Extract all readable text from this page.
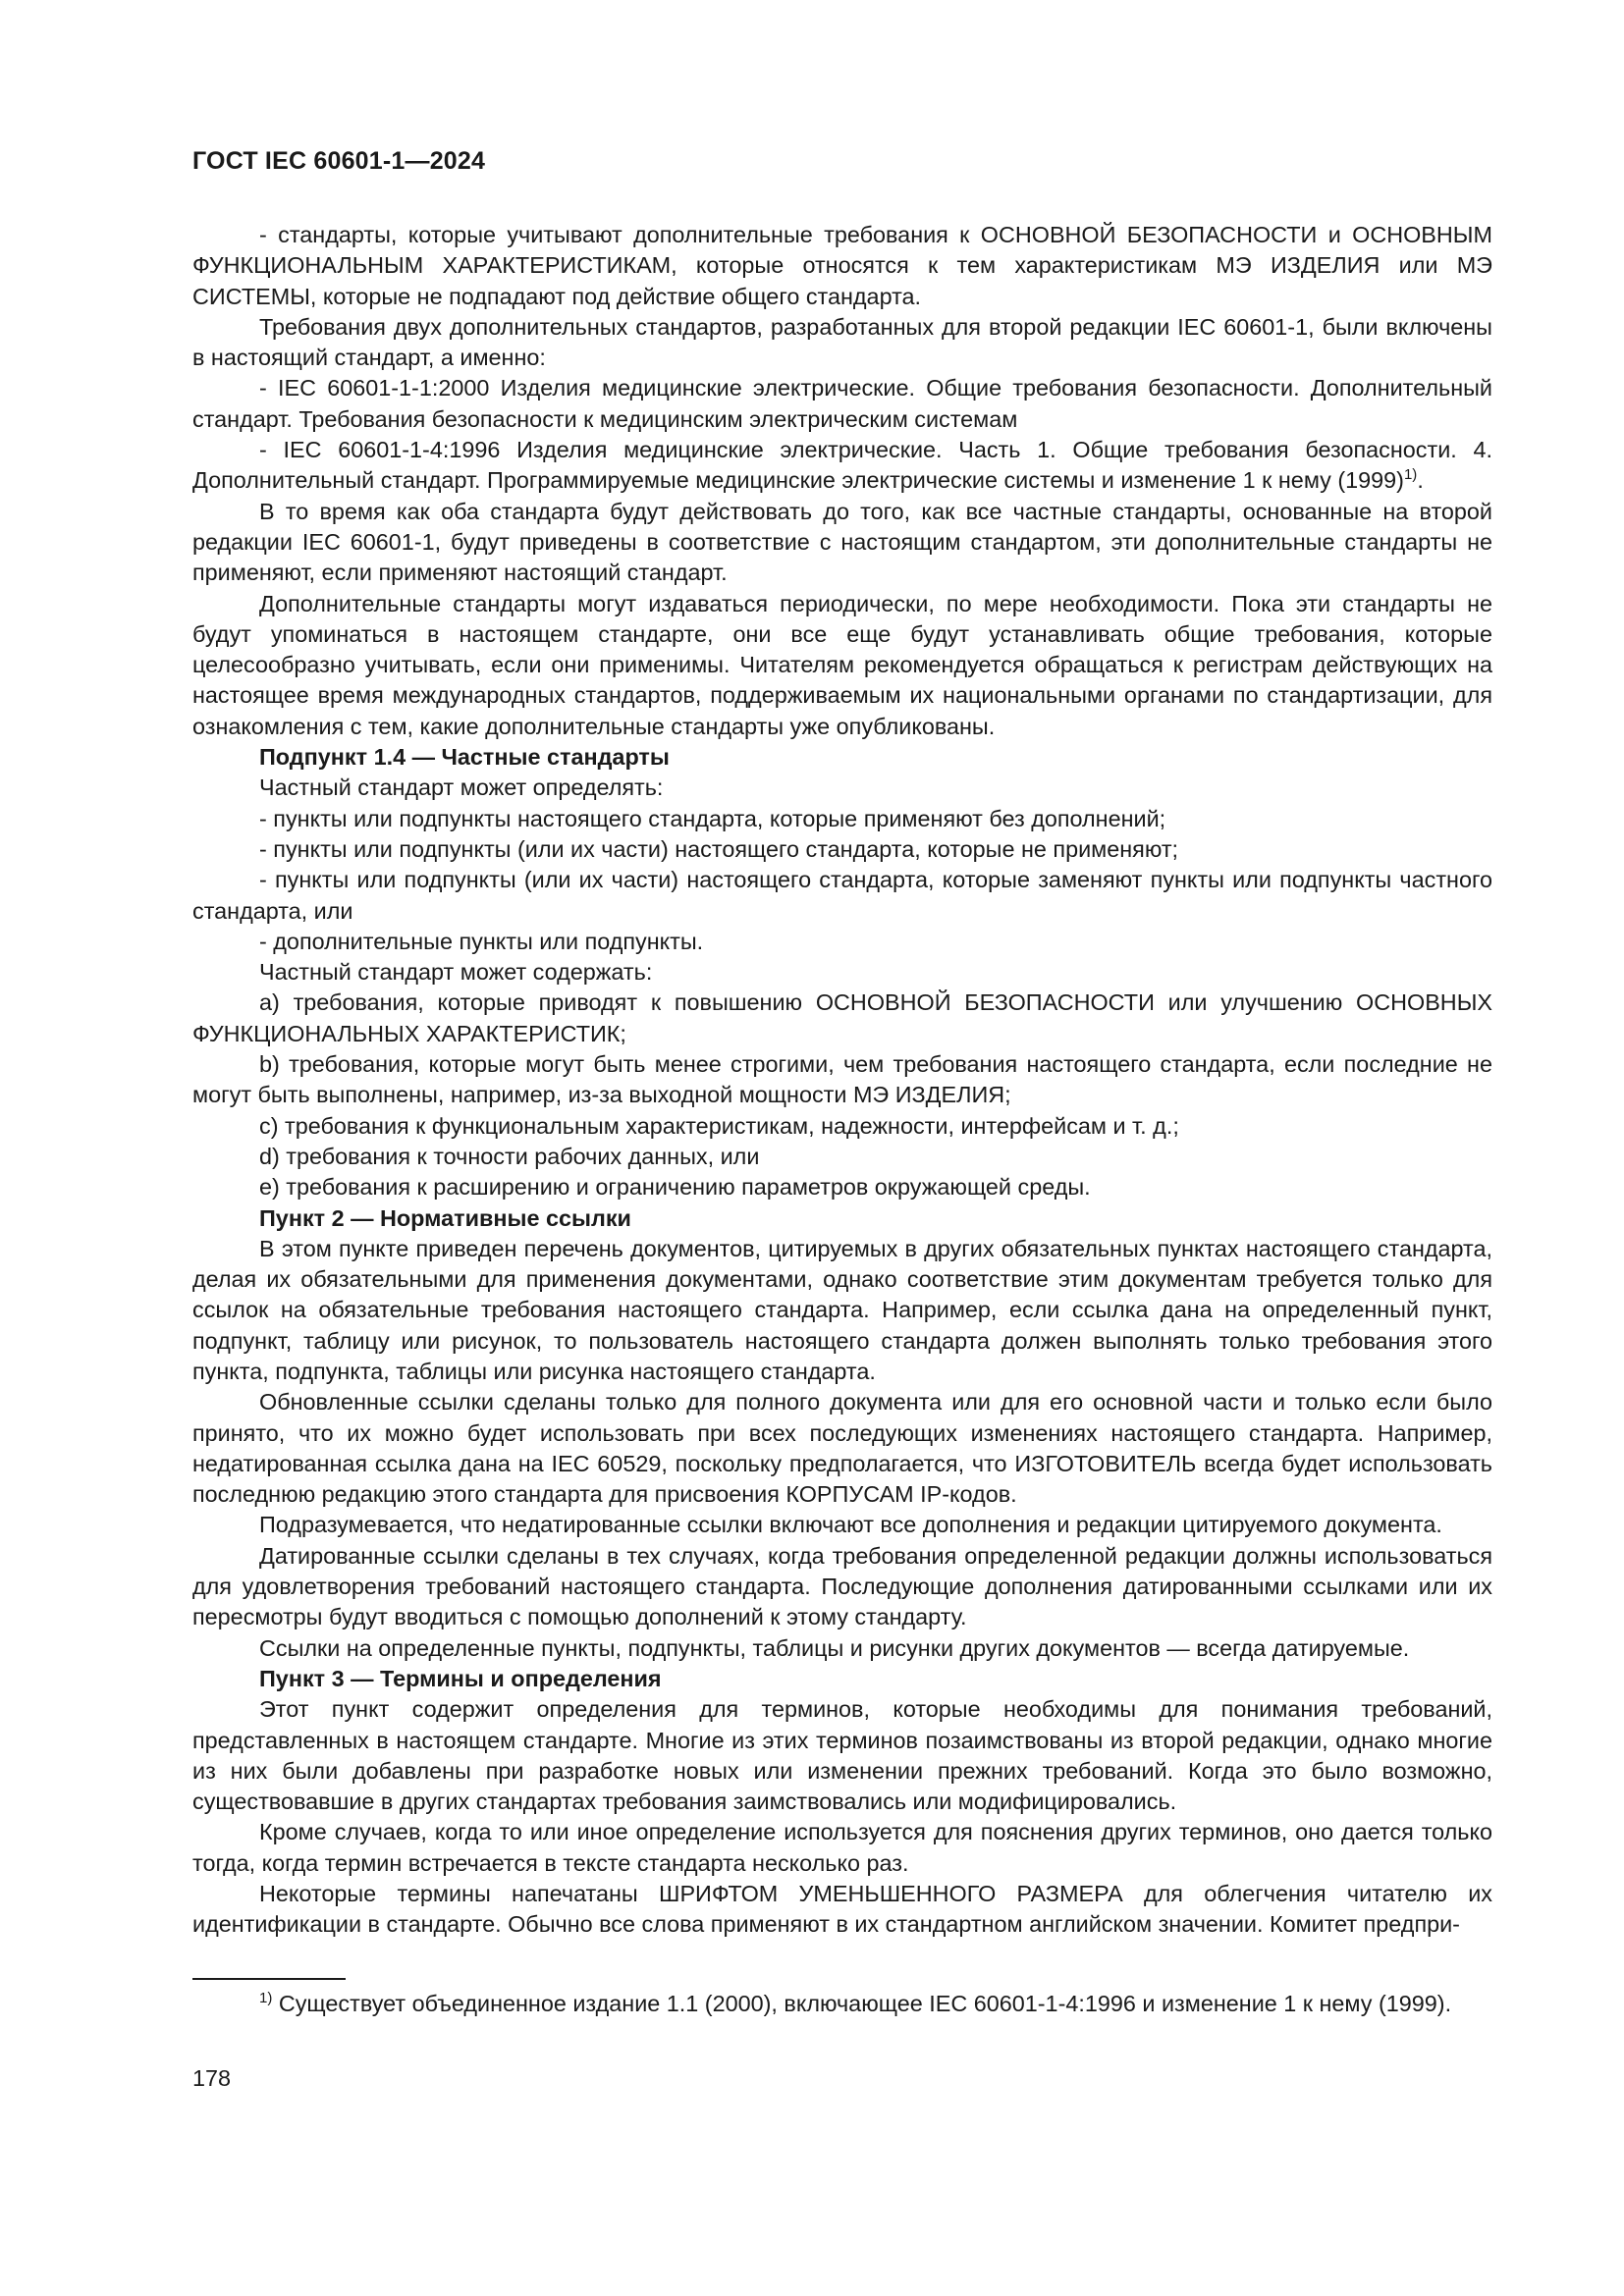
ГОСТ IEC 60601-1—2024

- стандарты, которые учитывают дополнительные требования к ОСНОВНОЙ БЕЗОПАСНОСТИ и ОСНОВНЫМ ФУНКЦИОНАЛЬНЫМ ХАРАКТЕРИСТИКАМ, которые относятся к тем характеристикам МЭ ИЗДЕЛИЯ или МЭ СИСТЕМЫ, которые не подпадают под действие общего стандарта.

Требования двух дополнительных стандартов, разработанных для второй редакции IEC 60601-1, были включены в настоящий стандарт, а именно:

- IEC 60601-1-1:2000 Изделия медицинские электрические. Общие требования безопасности. Дополнительный стандарт. Требования безопасности к медицинским электрическим системам

- IEC 60601-1-4:1996 Изделия медицинские электрические. Часть 1. Общие требования безопасности. 4. Дополнительный стандарт. Программируемые медицинские электрические системы и изменение 1 к нему $(1999)^{1)}$.

В то время как оба стандарта будут действовать до того, как все частные стандарты, основанные на второй редакции IEC 60601-1, будут приведены в соответствие с настоящим стандартом, эти дополнительные стандарты не применяют, если применяют настоящий стандарт.

Дополнительные стандарты могут издаваться периодически, по мере необходимости. Пока эти стандарты не будут упоминаться в настоящем стандарте, они все еще будут устанавливать общие требования, которые целесообразно учитывать, если они применимы. Читателям рекомендуется обращаться к регистрам действующих на настоящее время международных стандартов, поддерживаемым их национальными органами по стандартизации, для ознакомления с тем, какие дополнительные стандарты уже опубликованы.

Подпункт 1.4 — Частные стандарты

Частный стандарт может определять:

- пункты или подпункты настоящего стандарта, которые применяют без дополнений;

- пункты или подпункты (или их части) настоящего стандарта, которые не применяют;

- пункты или подпункты (или их части) настоящего стандарта, которые заменяют пункты или подпункты частного стандарта, или

- дополнительные пункты или подпункты.

Частный стандарт может содержать:

a) требования, которые приводят к повышению ОСНОВНОЙ БЕЗОПАСНОСТИ или улучшению ОСНОВНЫХ ФУНКЦИОНАЛЬНЫХ ХАРАКТЕРИСТИК;

b) требования, которые могут быть менее строгими, чем требования настоящего стандарта, если последние не могут быть выполнены, например, из-за выходной мощности МЭ ИЗДЕЛИЯ;

c) требования к функциональным характеристикам, надежности, интерфейсам и т. д.;

d) требования к точности рабочих данных, или

e) требования к расширению и ограничению параметров окружающей среды.

Пункт 2 — Нормативные ссылки

В этом пункте приведен перечень документов, цитируемых в других обязательных пунктах настоящего стандарта, делая их обязательными для применения документами, однако соответствие этим документам требуется только для ссылок на обязательные требования настоящего стандарта. Например, если ссылка дана на определенный пункт, подпункт, таблицу или рисунок, то пользователь настоящего стандарта должен выполнять только требования этого пункта, подпункта, таблицы или рисунка настоящего стандарта.

Обновленные ссылки сделаны только для полного документа или для его основной части и только если было принято, что их можно будет использовать при всех последующих изменениях настоящего стандарта. Например, недатированная ссылка дана на IEC 60529, поскольку предполагается, что ИЗГОТОВИТЕЛЬ всегда будет использовать последнюю редакцию этого стандарта для присвоения КОРПУСАМ IP-кодов.

Подразумевается, что недатированные ссылки включают все дополнения и редакции цитируемого документа.

Датированные ссылки сделаны в тех случаях, когда требования определенной редакции должны использоваться для удовлетворения требований настоящего стандарта. Последующие дополнения датированными ссылками или их пересмотры будут вводиться с помощью дополнений к этому стандарту.

Ссылки на определенные пункты, подпункты, таблицы и рисунки других документов — всегда датируемые.

Пункт 3 — Термины и определения

Этот пункт содержит определения для терминов, которые необходимы для понимания требований, представленных в настоящем стандарте. Многие из этих терминов позаимствованы из второй редакции, однако многие из них были добавлены при разработке новых или изменении прежних требований. Когда это было возможно, существовавшие в других стандартах требования заимствовались или модифицировались.

Кроме случаев, когда то или иное определение используется для пояснения других терминов, оно дается только тогда, когда термин встречается в тексте стандарта несколько раз.

Некоторые термины напечатаны ШРИФТОМ УМЕНЬШЕННОГО РАЗМЕРА для облегчения читателю их идентификации в стандарте. Обычно все слова применяют в их стандартном английском значении. Комитет предпри-

$^{1)}$ Существует объединенное издание 1.1 (2000), включающее IEC 60601-1-4:1996 и изменение 1 к нему (1999).
178
